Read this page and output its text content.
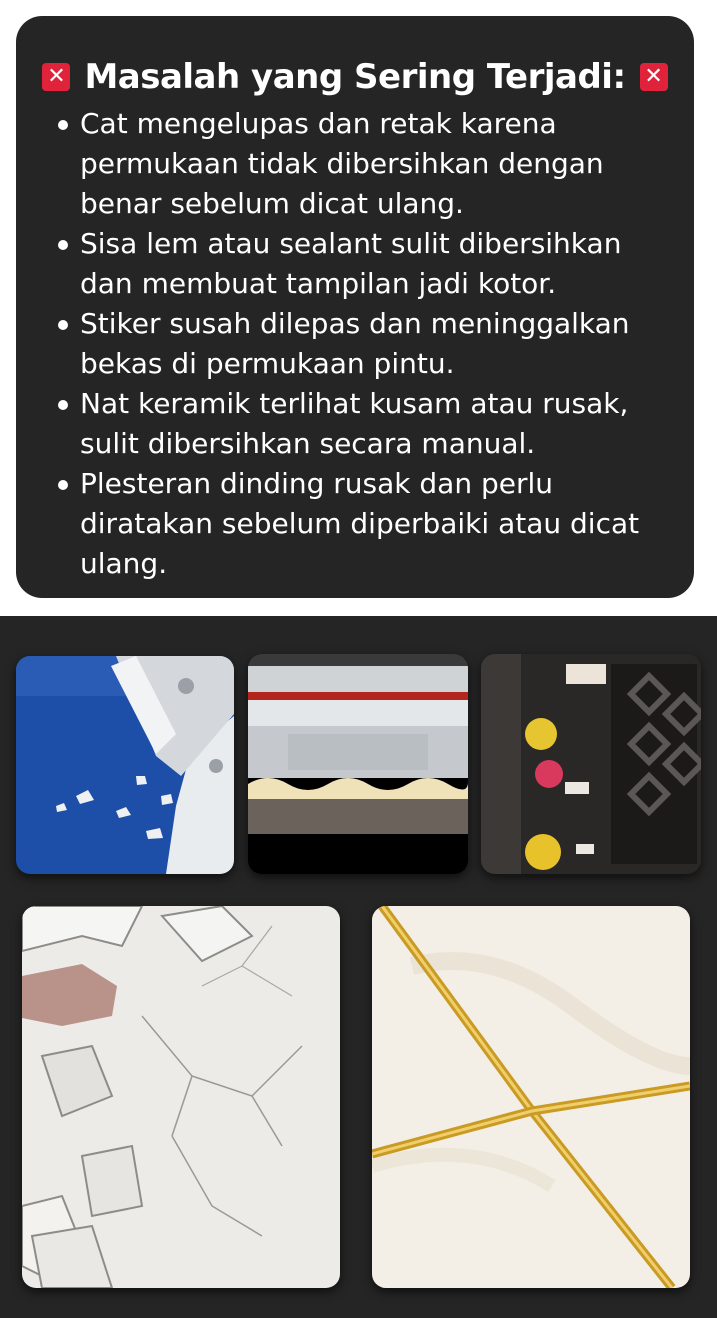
✕ Masalah yang Sering Terjadi: ✕
Cat mengelupas dan retak karena permukaan tidak dibersihkan dengan benar sebelum dicat ulang.
Sisa lem atau sealant sulit dibersihkan dan membuat tampilan jadi kotor.
Stiker susah dilepas dan meninggalkan bekas di permukaan pintu.
Nat keramik terlihat kusam atau rusak, sulit dibersihkan secara manual.
Plesteran dinding rusak dan perlu diratakan sebelum diperbaiki atau dicat ulang.
